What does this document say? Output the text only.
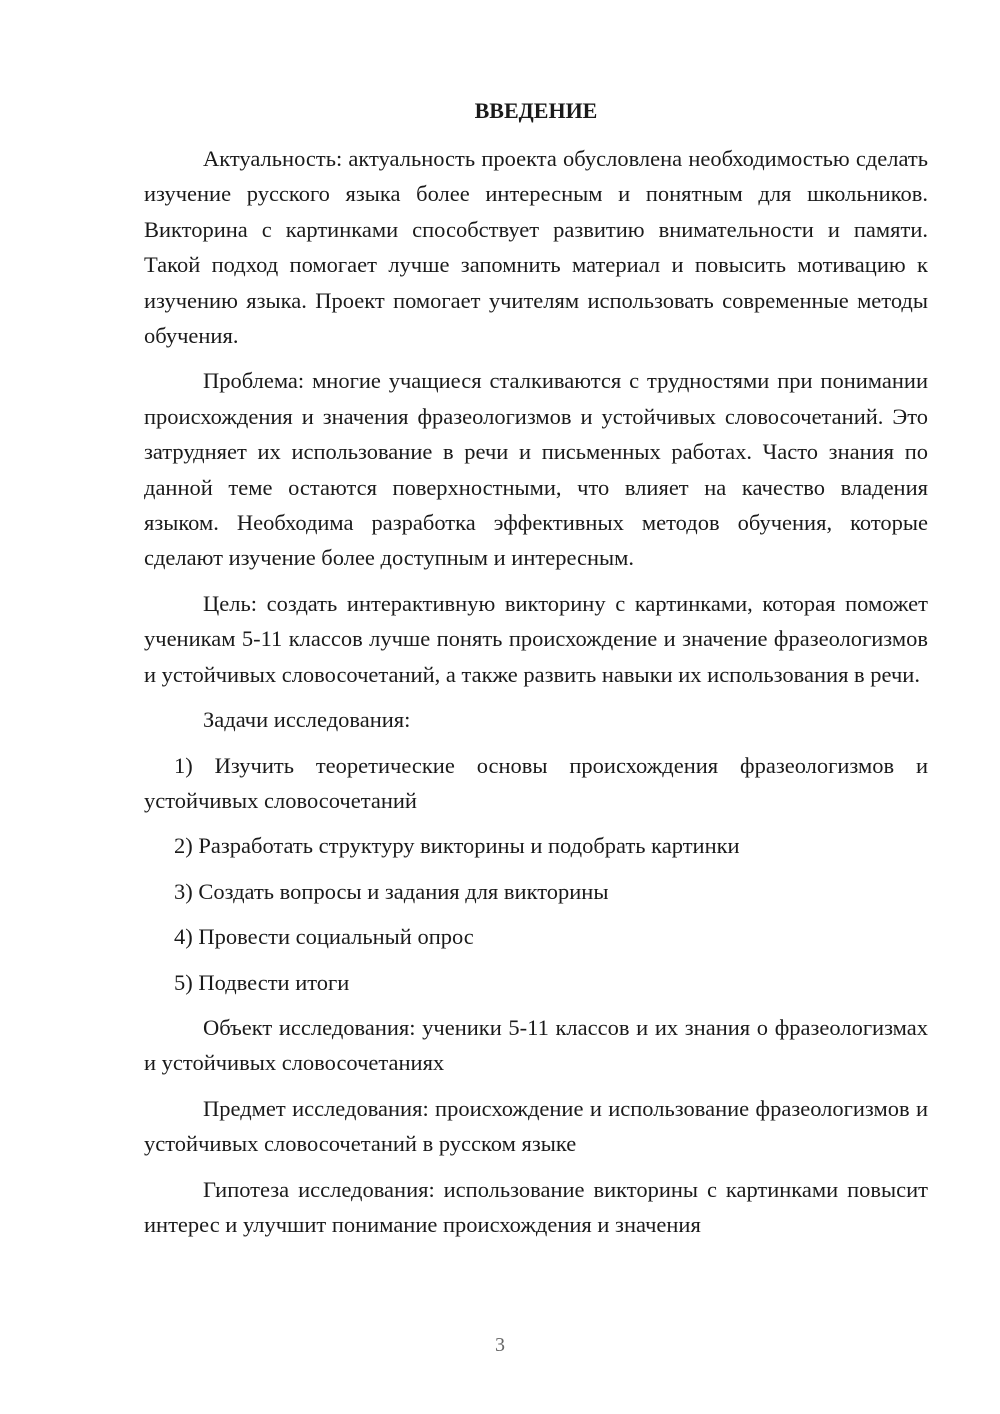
ВВЕДЕНИЕ

Актуальность: актуальность проекта обусловлена необходимостью сделать изучение русского языка более интересным и понятным для школьников. Викторина с картинками способствует развитию внимательности и памяти. Такой подход помогает лучше запомнить материал и повысить мотивацию к изучению языка. Проект помогает учителям использовать современные методы обучения.

Проблема: многие учащиеся сталкиваются с трудностями при понимании происхождения и значения фразеологизмов и устойчивых словосочетаний. Это затрудняет их использование в речи и письменных работах. Часто знания по данной теме остаются поверхностными, что влияет на качество владения языком. Необходима разработка эффективных методов обучения, которые сделают изучение более доступным и интересным.

Цель: создать интерактивную викторину с картинками, которая поможет ученикам 5-11 классов лучше понять происхождение и значение фразеологизмов и устойчивых словосочетаний, а также развить навыки их использования в речи.

Задачи исследования:

1) Изучить теоретические основы происхождения фразеологизмов и устойчивых словосочетаний

2) Разработать структуру викторины и подобрать картинки

3) Создать вопросы и задания для викторины

4) Провести социальный опрос

5) Подвести итоги

Объект исследования: ученики 5-11 классов и их знания о фразеологизмах и устойчивых словосочетаниях

Предмет исследования: происхождение и использование фразеологизмов и устойчивых словосочетаний в русском языке

Гипотеза исследования: использование викторины с картинками повысит интерес и улучшит понимание происхождения и значения

3
